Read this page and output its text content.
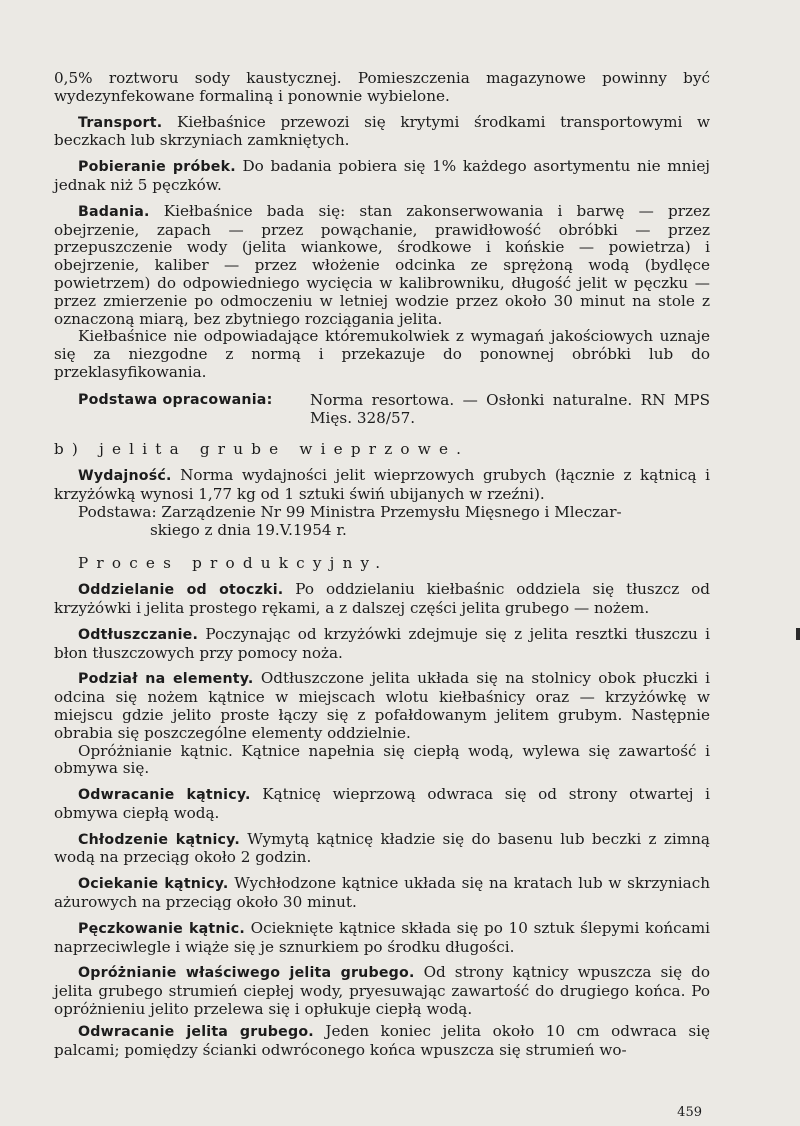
0,5% roztworu sody kaustycznej. Pomieszczenia magazynowe powinny być wydezynfekowane formaliną i ponownie wybielone.

Transport. Kiełbaśnice przewozi się krytymi środkami transportowymi w beczkach lub skrzyniach zamkniętych.

Pobieranie próbek. Do badania pobiera się 1% każdego asortymentu nie mniej jednak niż 5 pęczków.

Badania. Kiełbaśnice bada się: stan zakonserwowania i barwę — przez obejrzenie, zapach — przez powąchanie, prawidłowość obróbki — przez przepuszczenie wody (jelita wiankowe, środkowe i końskie — powietrza) i obejrzenie, kaliber — przez włożenie odcinka ze sprężoną wodą (bydlęce powietrzem) do odpowiedniego wycięcia w kalibrowniku, długość jelit w pęczku — przez zmierzenie po odmoczeniu w letniej wodzie przez około 30 minut na stole z oznaczoną miarą, bez zbytniego rozciągania jelita.

Kiełbaśnice nie odpowiadające któremukolwiek z wymagań jakościowych uznaje się za niezgodne z normą i przekazuje do ponownej obróbki lub do przeklasyfikowania.

Podstawa opracowania:	Norma resortowa. — Osłonki naturalne. RN MPS Mięs. 328/57.

b) jelita grube wieprzowe.

Wydajność. Norma wydajności jelit wieprzowych grubych (łącznie z kątnicą i krzyżówką wynosi 1,77 kg od 1 sztuki świń ubijanych w rzeźni).

Podstawa: Zarządzenie Nr 99 Ministra Przemysłu Mięsnego i Mleczar-

skiego z dnia 19.V.1954 r.

Proces produkcyjny.

Oddzielanie od otoczki. Po oddzielaniu kiełbaśnic oddziela się tłuszcz od krzyżówki i jelita prostego rękami, a z dalszej części jelita grubego — nożem.

Odtłuszczanie. Poczynając od krzyżówki zdejmuje się z jelita resztki tłuszczu i błon tłuszczowych przy pomocy noża.

Podział na elementy. Odtłuszczone jelita układa się na stolnicy obok płuczki i odcina się nożem kątnice w miejscach wlotu kiełbaśnicy oraz — krzyżówkę w miejscu gdzie jelito proste łączy się z pofałdowanym jelitem grubym. Następnie obrabia się poszczególne elementy oddzielnie.

Opróżnianie kątnic. Kątnice napełnia się ciepłą wodą, wylewa się zawartość i obmywa się.

Odwracanie kątnicy. Kątnicę wieprzową odwraca się od strony otwartej i obmywa ciepłą wodą.

Chłodzenie kątnicy. Wymytą kątnicę kładzie się do basenu lub beczki z zimną wodą na przeciąg około 2 godzin.

Ociekanie kątnicy. Wychłodzone kątnice układa się na kratach lub w skrzyniach ażurowych na przeciąg około 30 minut.

Pęczkowanie kątnic. Ocieknięte kątnice składa się po 10 sztuk ślepymi końcami naprzeciwlegle i wiąże się je sznurkiem po środku długości.

Opróżnianie właściwego jelita grubego. Od strony kątnicy wpuszcza się do jelita grubego strumień ciepłej wody, pryesuwając zawartość do drugiego końca. Po opróżnieniu jelito przelewa się i opłukuje ciepłą wodą.

Odwracanie jelita grubego. Jeden koniec jelita około 10 cm odwraca się palcami; pomiędzy ścianki odwróconego końca wpuszcza się strumień wo-

459
